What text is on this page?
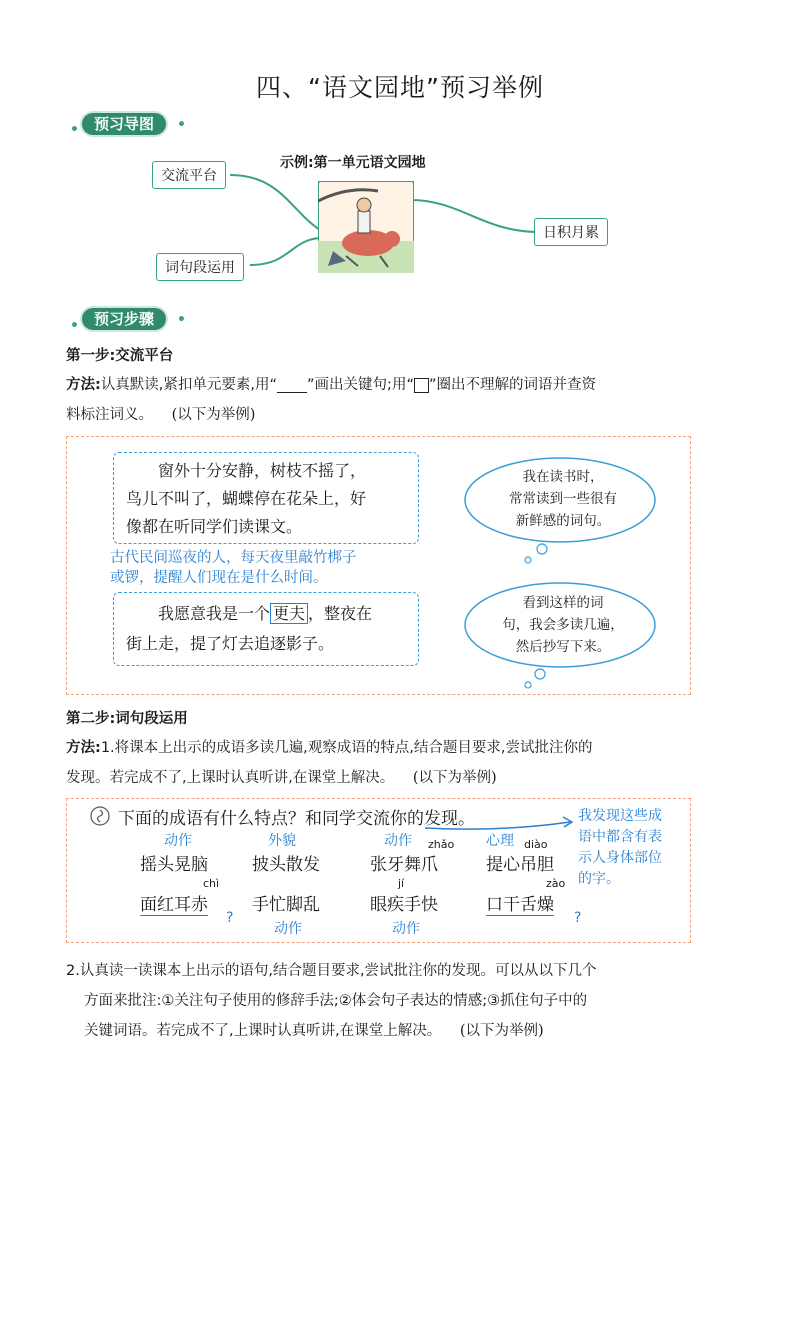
四、“语文园地”预习举例
•	预习导图	•
交流平台
词句段运用
日积月累
示例:第一单元语文园地
•	预习步骤	•
第一步:交流平台
方法:认真默读,紧扣单元要素,用“ ”画出关键句;用“ ”圈出不理解的词语并查资
料标注词义。 (以下为举例)
窗外十分安静，树枝不摇了，
鸟儿不叫了，蝴蝶停在花朵上，好
像都在听同学们读课文。
古代民间巡夜的人，每天夜里敲竹梆子
或锣，提醒人们现在是什么时间。
我愿意我是一个 更夫 ，整夜在
街上走，提了灯去追逐影子。
我在读书时，
常常读到一些很有
新鲜感的词句。
看到这样的词
句，我会多读几遍，
然后抄写下来。
第二步:词句段运用
方法:1.将课本上出示的成语多读几遍,观察成语的特点,结合题目要求,尝试批注你的
发现。若完成不了,上课时认真听讲,在课堂上解决。 (以下为举例)
下面的成语有什么特点？和同学交流你的发现。	我发现这些成
语中都含有表
示人身体部位
的字。
动作	外貌	动作 zhǎo 心理 diào
摇头晃脑	披头散发	张牙舞爪	提心吊胆
chì	jí	zào
面红耳赤	手忙脚乱	眼疾手快	口干舌燥
?	?
动作	动作
2.认真读一读课本上出示的语句,结合题目要求,尝试批注你的发现。可以从以下几个
方面来批注:①关注句子使用的修辞手法;②体会句子表达的情感;③抓住句子中的
关键词语。若完成不了,上课时认真听讲,在课堂上解决。 (以下为举例)
